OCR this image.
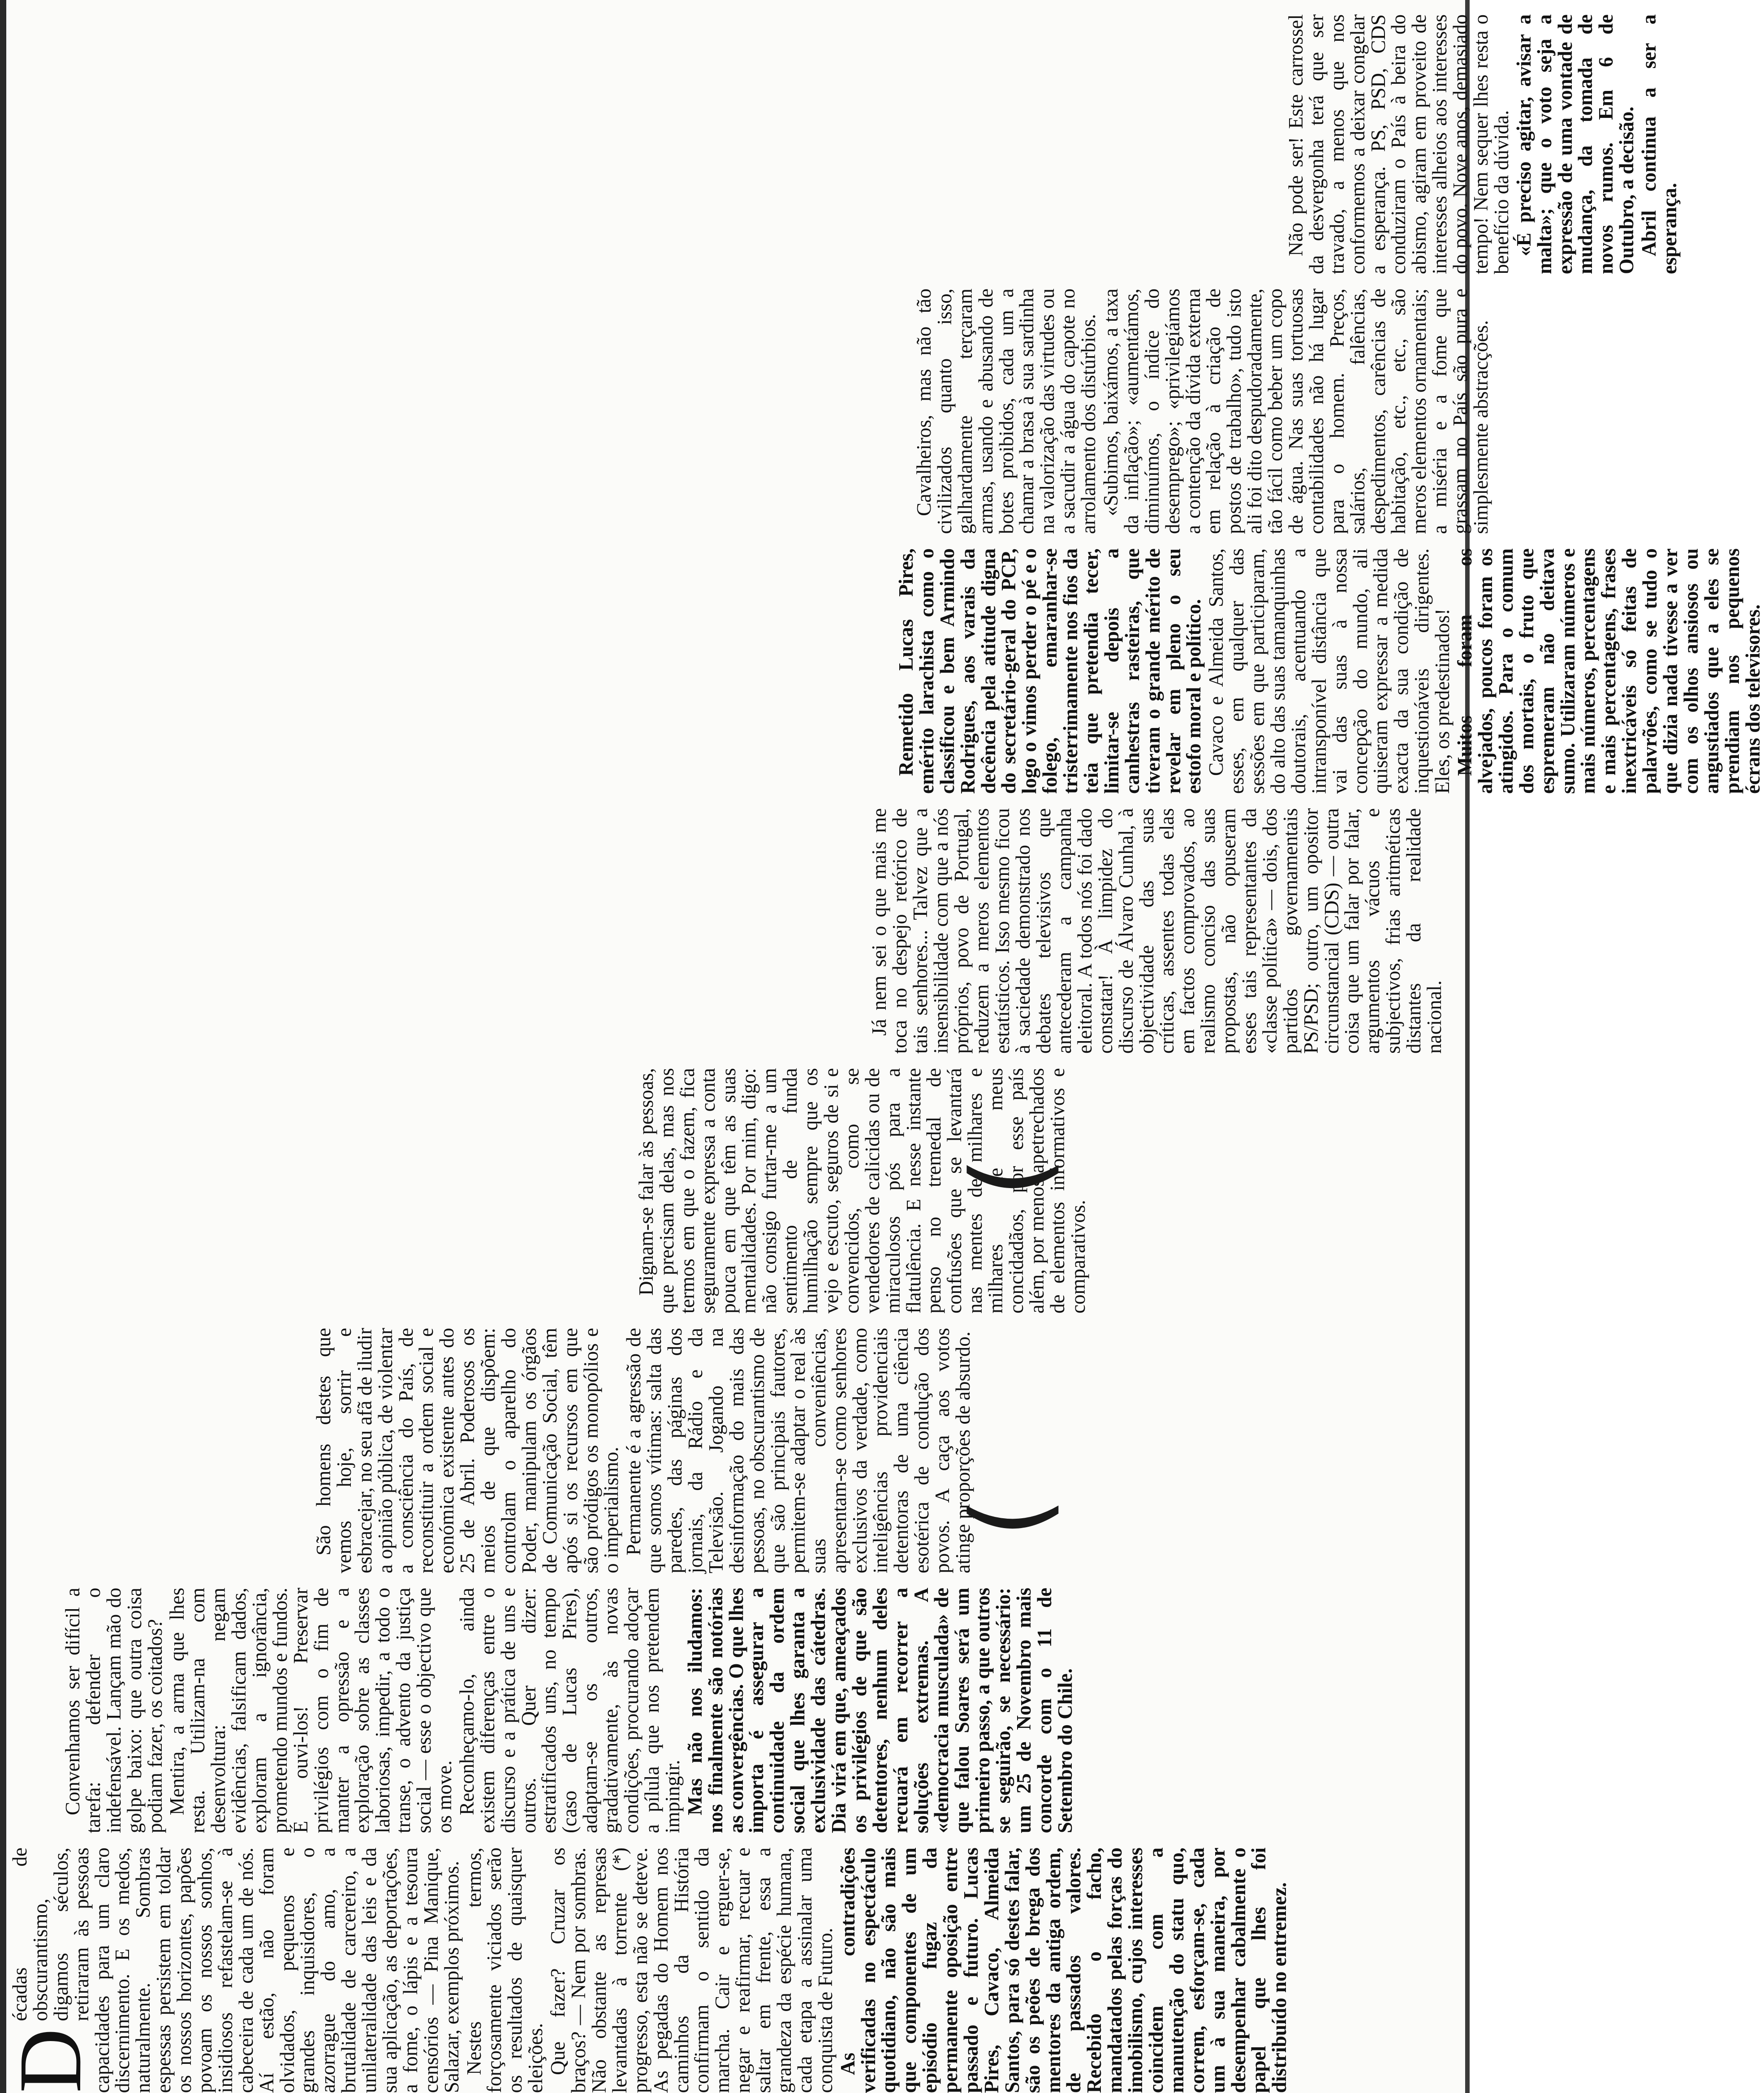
D

écadas de obscurantismo, digamos séculos, retiraram às pessoas capacidades para um claro discernimento. E os medos, naturalmente. Sombras espessas persistem em toldar os nossos horizontes, papões povoam os nossos sonhos, insidiosos refastelam-se à cabeceira de cada um de nós. Aí estão, não foram olvidados, pequenos e grandes inquisidores, o azorrague do amo, a brutalidade de carcereiro, a unilateralidade das leis e da sua aplicação, as deportações, a fome, o lápis e a tesoura censórios — Pina Manique, Salazar, exemplos próximos. Nestes termos, forçosamente viciados serão os resultados de quaisquer eleições. Que fazer? Cruzar os braços? — Nem por sombras. Não obstante as represas levantadas à torrente (*) progresso, esta não se deteve. As pegadas do Homem nos caminhos da História confirmam o sentido da marcha. Cair e erguer-se, negar e reafirmar, recuar e saltar em frente, essa a grandeza da espécie humana, cada etapa a assinalar uma conquista de Futuro. As contradições verificadas no espectáculo quotidiano, não são mais que componentes de um episódio fugaz da permanente oposição entre passado e futuro. Lucas Pires, Cavaco, Almeida Santos, para só destes falar, são os peões de brega dos mentores da antiga ordem, de passados valores. Recebido o facho, mandatados pelas forças do imobilismo, cujos interesses coincidem com a manutenção do statu quo, correm, esforçam-se, cada um à sua maneira, por desempenhar cabalmente o papel que lhes foi distribuído no entremez.

Convenhamos ser difícil a tarefa: defender o indefensável. Lançam mão do golpe baixo: que outra coisa podiam fazer, os coitados? Mentira, a arma que lhes resta. Utilizam-na com desenvoltura: negam evidências, falsificam dados, exploram a ignorância, prometendo mundos e fundos. É ouvi-los! Preservar privilégios com o fim de manter a opressão e a exploração sobre as classes laboriosas, impedir, a todo o transe, o advento da justiça social — esse o objectivo que os move. Reconheçamo-lo, ainda existem diferenças entre o discurso e a prática de uns e outros. Quer dizer: estratificados uns, no tempo (caso de Lucas Pires), adaptam-se os outros, gradativamente, às novas condições, procurando adoçar a pílula que nos pretendem impingir. Mas não nos iludamos: nos finalmente são notórias as convergências. O que lhes importa é assegurar a continuidade da ordem social que lhes garanta a exclusividade das cátedras. Dia virá em que, ameaçados os privilégios de que são detentores, nenhum deles recuará em recorrer a soluções extremas. A «democracia musculada» de que falou Soares será um primeiro passo, a que outros se seguirão, se necessário: um 25 de Novembro mais concorde com o 11 de Setembro do Chile.

São homens destes que vemos hoje, sorrir e esbracejar, no seu afã de iludir a opinião pública, de violentar a consciência do País, de reconstituir a ordem social e económica existente antes do 25 de Abril. Poderosos os meios de que dispõem: controlam o aparelho do Poder, manipulam os órgãos de Comunicação Social, têm após si os recursos em que são pródigos os monopólios e o imperialismo. Permanente é a agressão de que somos vítimas: salta das paredes, das páginas dos jornais, da Rádio e da Televisão. Jogando na desinformação do mais das pessoas, no obscurantismo de que são principais fautores, permitem-se adaptar o real às suas conveniências, apresentam-se como senhores exclusivos da verdade, como inteligências providenciais detentoras de uma ciência esotérica de condução dos povos. A caça aos votos atinge proporções de absurdo.

Dignam-se falar às pessoas, que precisam delas, mas nos termos em que o fazem, fica seguramente expressa a conta pouca em que têm as suas mentalidades. Por mim, digo: não consigo furtar-me a um sentimento de funda humilhação sempre que os vejo e escuto, seguros de si e convencidos, como se vendedores de calicidas ou de miraculosos pós para a flatulência. E nesse instante penso no tremedal de confusões que se levantará nas mentes de milhares e milhares de meus concidadãos, por esse país além, por menos apetrechados de elementos informativos e comparativos.

Já nem sei o que mais me toca no despejo retórico de tais senhores... Talvez que a insensibilidade com que a nós próprios, povo de Portugal, reduzem a meros elementos estatísticos. Isso mesmo ficou à saciedade demonstrado nos debates televisivos que antecederam a campanha eleitoral. A todos nós foi dado constatar! À limpidez do discurso de Álvaro Cunhal, à objectividade das suas críticas, assentes todas elas em factos comprovados, ao realismo conciso das suas propostas, não opuseram esses tais representantes da «classe política» — dois, dos partidos governamentais PS/PSD; outro, um opositor circunstancial (CDS) — outra coisa que um falar por falar, argumentos vácuos e subjectivos, frias aritméticas distantes da realidade nacional.

Remetido Lucas Pires, emérito larachista como o classificou e bem Armindo Rodrigues, aos varais da decência pela atitude digna do secretário-geral do PCP, logo o vimos perder o pé e o folego, emaranhar-se tristerrimamente nos fios da teia que pretendia tecer, limitar-se depois a canhestras rasteiras, que tiveram o grande mérito de revelar em pleno o seu estofo moral e político. Cavaco e Almeida Santos, esses, em qualquer das sessões em que participaram, do alto das suas tamanquinhas doutorais, acentuando a intransponível distância que vai das suas à nossa concepção do mundo, ali quiseram expressar a medida exacta da sua condição de inquestionáveis dirigentes. Eles, os predestinados! Muitos foram os alvejados, poucos foram os atingidos. Para o comum dos mortais, o fruto que espremeram não deitava sumo. Utilizaram números e mais números, percentagens e mais percentagens, frases inextricáveis só feitas de palavrões, como se tudo o que dizia nada tivesse a ver com os olhos ansiosos ou angustiados que a eles se prendiam nos pequenos écrans dos televisores.

Cavalheiros, mas não tão civilizados quanto isso, galhardamente terçaram armas, usando e abusando de botes proibidos, cada um a chamar a brasa à sua sardinha na valorização das virtudes ou a sacudir a água do capote no arrolamento dos distúrbios. «Subimos, baixámos, a taxa da inflação»; «aumentámos, diminuímos, o índice do desemprego»; «privilegiámos a contenção da dívida externa em relação à criação de postos de trabalho», tudo isto ali foi dito despudoradamente, tão fácil como beber um copo de água. Nas suas tortuosas contabilidades não há lugar para o homem. Preços, salários, falências, despedimentos, carências de habitação, etc., etc., são meros elementos ornamentais; a miséria e a fome que grassam no País são pura e simplesmente abstracções.

Não pode ser! Este carrossel da desvergonha terá que ser travado, a menos que nos conformemos a deixar congelar a esperança. PS, PSD, CDS conduziram o País à beira do abismo, agiram em proveito de interesses alheios aos interesses do povo. Nove anos, demasiado tempo! Nem sequer lhes resta o benefício da dúvida. «É preciso agitar, avisar a malta»; que o voto seja a expressão de uma vontade de mudança, da tomada de novos rumos. Em 6 de Outubro, a decisão. Abril continua a ser a esperança.

(
(
